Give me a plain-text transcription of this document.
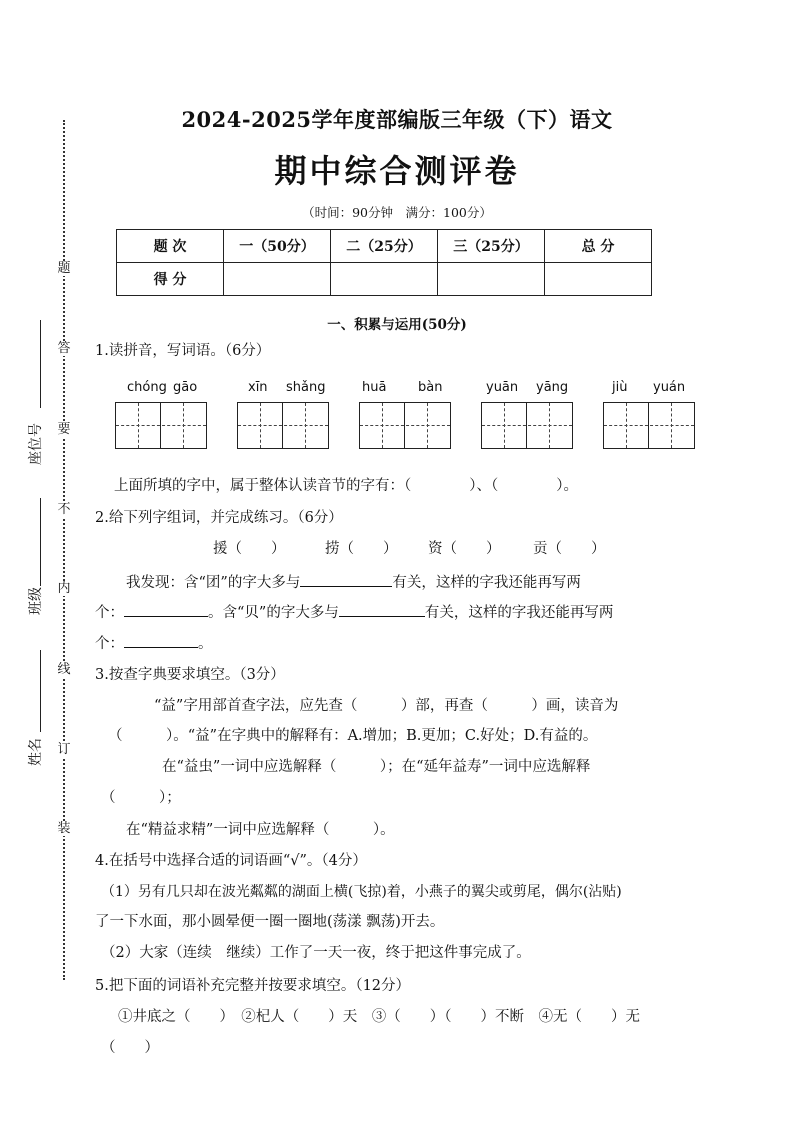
题
答
要
不
内
线
订
装
座位号
班级
姓名
2024-2025学年度部编版三年级（下）语文
期中综合测评卷
（时间：90分钟　满分：100分）
题 次	一（50分）	二（25分）	三（25分）	总 分
得 分				
一、积累与运用(50分)
1.读拼音，写词语。（6分）
chóng gāo	xīn shǎng	huā bàn	yuān yāng	jiù yuán
上面所填的字中，属于整体认读音节的字有：（　　　　）、（　　　　）。
2.给下列字组词，并完成练习。（6分）
援（　　）	捞（　　） 资（　　） 贡（　　）
我发现：含“团”的字大多与	有关，这样的字我还能再写两
个：	。含“贝”的字大多与	有关，这样的字我还能再写两
个：	。
3.按查字典要求填空。（3分）
“益”字用部首查字法，应先查（　　　）部，再查（　　　）画，读音为
（　　　）。“益”在字典中的解释有：A.增加；B.更加；C.好处；D.有益的。
在“益虫”一词中应选解释（　　　）；在“延年益寿”一词中应选解释
（　　　）；
在“精益求精”一词中应选解释（　　　）。
4.在括号中选择合适的词语画“√”。（4分）
（1）另有几只却在波光粼粼的湖面上横(飞掠)着，小燕子的翼尖或剪尾，偶尔(沾贴)
了一下水面，那小圆晕便一圈一圈地(荡漾 飘荡)开去。
（2）大家（连续　继续）工作了一天一夜，终于把这件事完成了。
5.把下面的词语补充完整并按要求填空。（12分）
①井底之（　　）　②杞人（　　）天　③（　　）（　　）不断　④无（　　）无
（　　）
